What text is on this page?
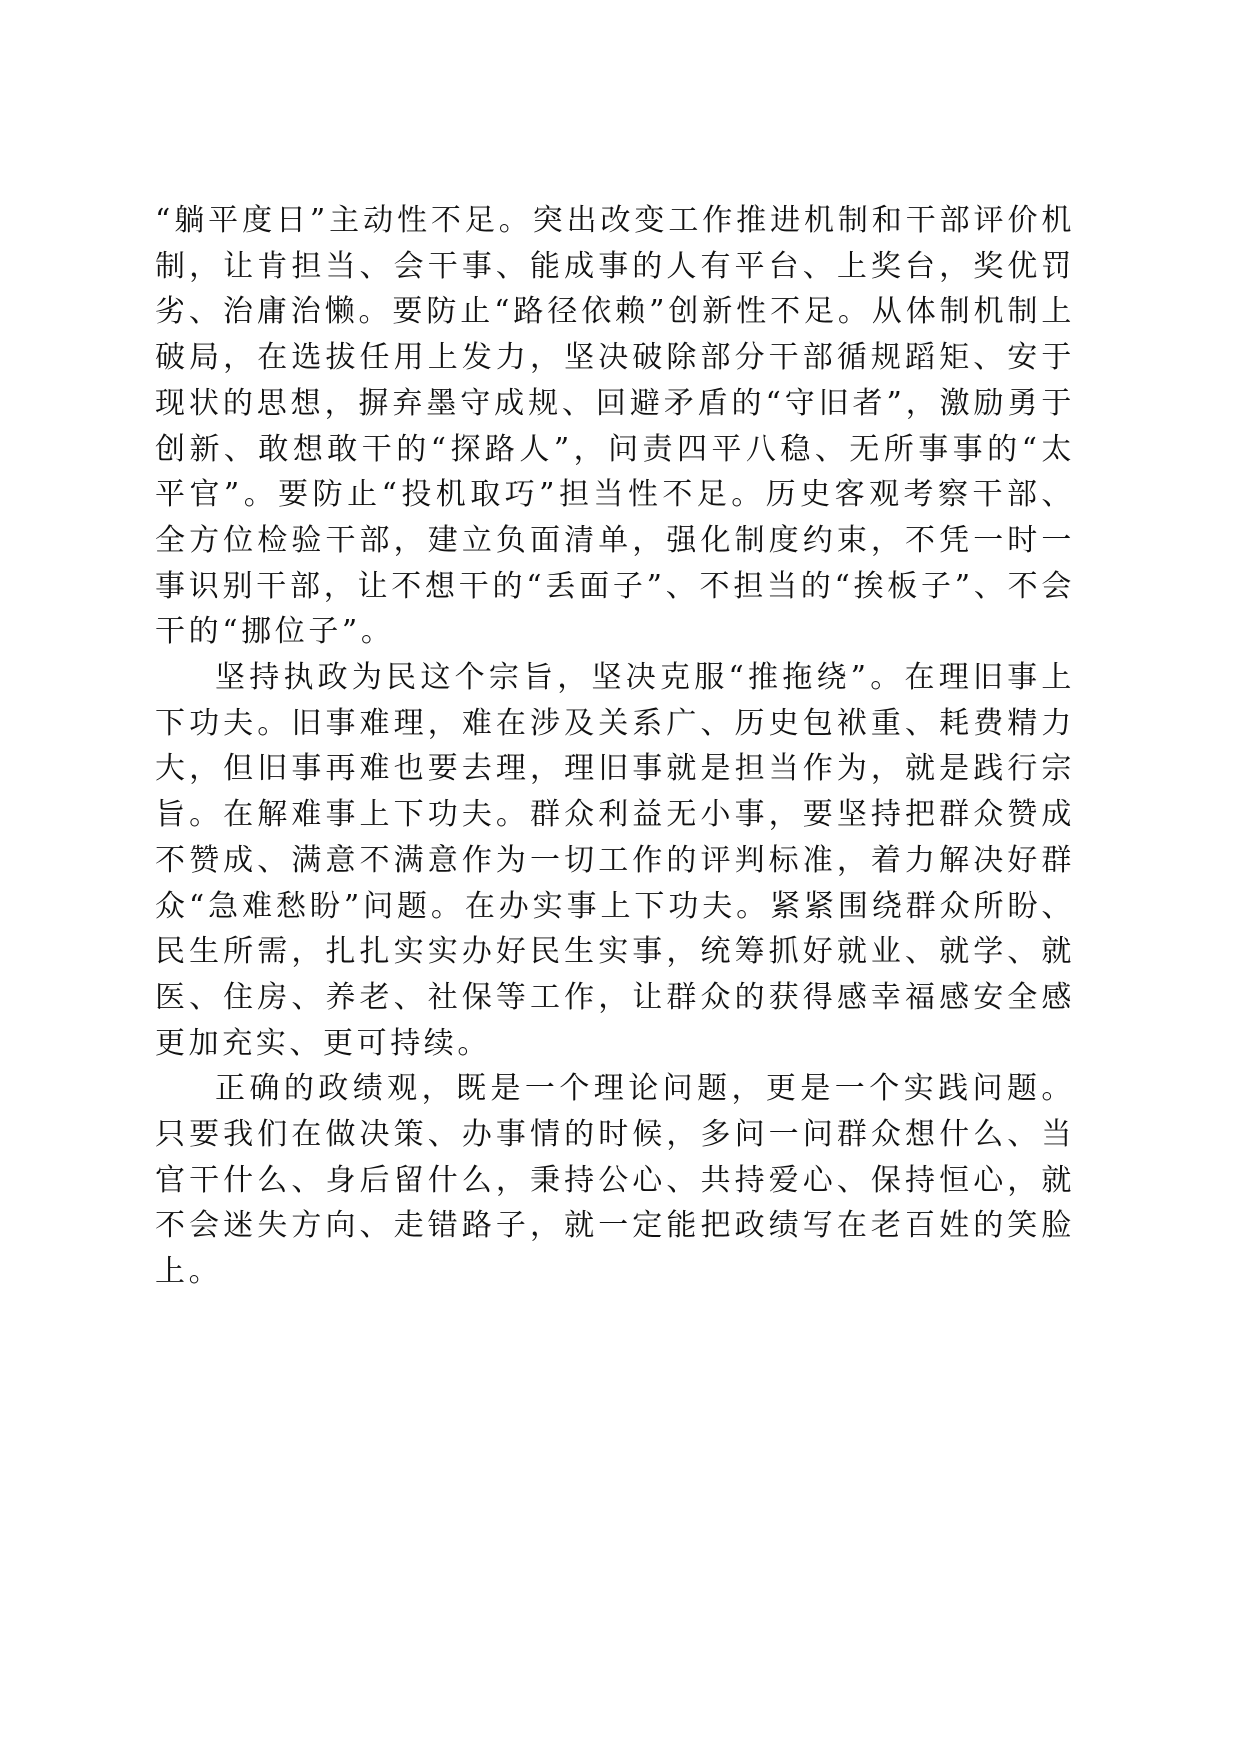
“躺平度日”主动性不足。突出改变工作推进机制和干部评价机制，让肯担当、会干事、能成事的人有平台、上奖台，奖优罚劣、治庸治懒。要防止“路径依赖”创新性不足。从体制机制上破局，在选拔任用上发力，坚决破除部分干部循规蹈矩、安于现状的思想，摒弃墨守成规、回避矛盾的“守旧者”，激励勇于创新、敢想敢干的“探路人”，问责四平八稳、无所事事的“太平官”。要防止“投机取巧”担当性不足。历史客观考察干部、全方位检验干部，建立负面清单，强化制度约束，不凭一时一事识别干部，让不想干的“丢面子”、不担当的“挨板子”、不会干的“挪位子”。

坚持执政为民这个宗旨，坚决克服“推拖绕”。在理旧事上下功夫。旧事难理，难在涉及关系广、历史包袱重、耗费精力大，但旧事再难也要去理，理旧事就是担当作为，就是践行宗旨。在解难事上下功夫。群众利益无小事，要坚持把群众赞成不赞成、满意不满意作为一切工作的评判标准，着力解决好群众“急难愁盼”问题。在办实事上下功夫。紧紧围绕群众所盼、民生所需，扎扎实实办好民生实事，统筹抓好就业、就学、就医、住房、养老、社保等工作，让群众的获得感幸福感安全感更加充实、更可持续。

正确的政绩观，既是一个理论问题，更是一个实践问题。只要我们在做决策、办事情的时候，多问一问群众想什么、当官干什么、身后留什么，秉持公心、共持爱心、保持恒心，就不会迷失方向、走错路子，就一定能把政绩写在老百姓的笑脸上。
